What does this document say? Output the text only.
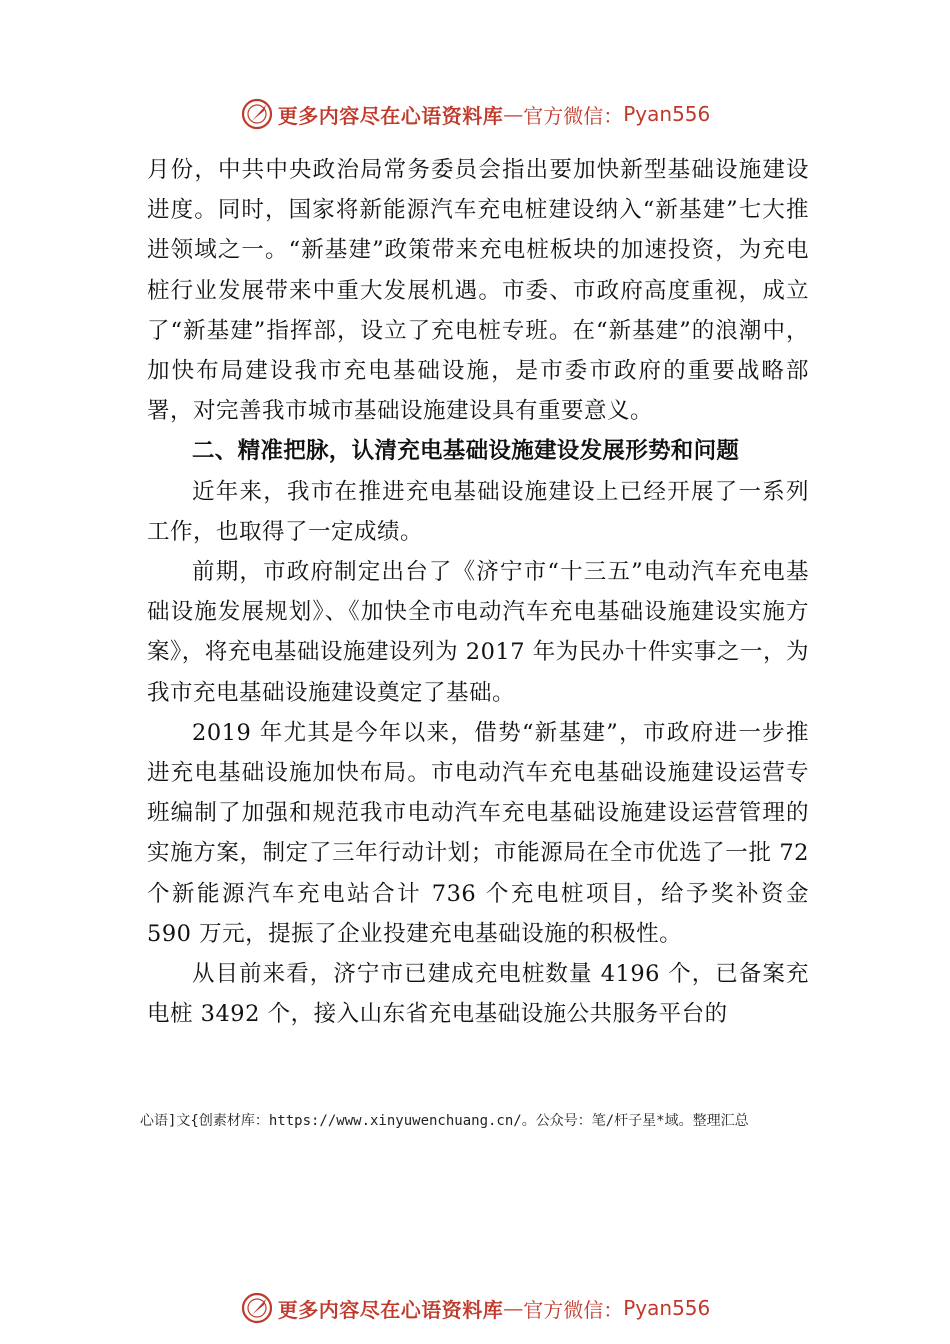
更多内容尽在心语资料库 — 官方微信： Pyan556

月份，中共中央政治局常务委员会指出要加快新型基础设施建设进度。同时，国家将新能源汽车充电桩建设纳入“新基建”七大推进领域之一。“新基建”政策带来充电桩板块的加速投资，为充电桩行业发展带来中重大发展机遇。市委、市政府高度重视，成立了“新基建”指挥部，设立了充电桩专班。在“新基建”的浪潮中，加快布局建设我市充电基础设施，是市委市政府的重要战略部署，对完善我市城市基础设施建设具有重要意义。

二、精准把脉，认清充电基础设施建设发展形势和问题

近年来，我市在推进充电基础设施建设上已经开展了一系列工作，也取得了一定成绩。

前期，市政府制定出台了《济宁市“十三五”电动汽车充电基础设施发展规划》、《加快全市电动汽车充电基础设施建设实施方案》，将充电基础设施建设列为 2017 年为民办十件实事之一，为我市充电基础设施建设奠定了基础。

2019 年尤其是今年以来，借势“新基建”，市政府进一步推进充电基础设施加快布局。市电动汽车充电基础设施建设运营专班编制了加强和规范我市电动汽车充电基础设施建设运营管理的实施方案，制定了三年行动计划；市能源局在全市优选了一批 72 个新能源汽车充电站合计 736 个充电桩项目，给予奖补资金 590 万元，提振了企业投建充电基础设施的积极性。

从目前来看，济宁市已建成充电桩数量 4196 个，已备案充电桩 3492 个，接入山东省充电基础设施公共服务平台的

心语]文{创素材库：https://www.xinyuwenchuang.cn/。公众号：笔/杆子星*域。整理汇总
更多内容尽在心语资料库 — 官方微信： Pyan556
